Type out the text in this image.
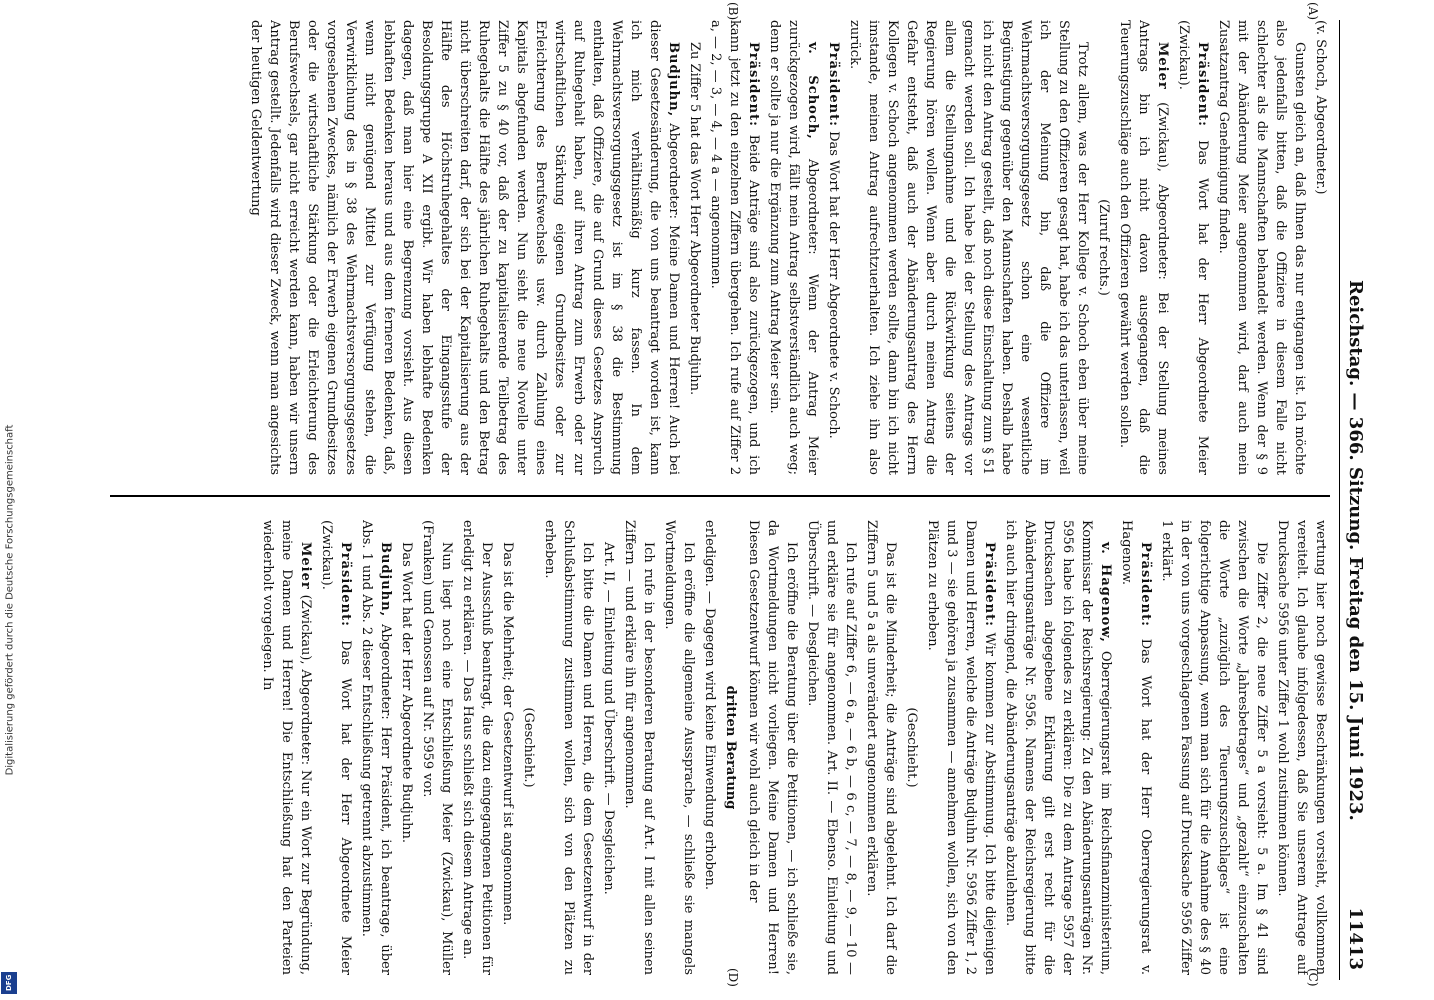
Digitalisierung gefördert durch die Deutsche Forschungsgemeinschaft
DFG
Reichstag. — 366. Sitzung. Freitag den 15. Juni 1923.
11413
(A)
(B)
(C)
(D)

(v. Schoch, Abgeordneter.)

Gunsten gleich an, daß Ihnen das nur entgangen ist. Ich möchte also jedenfalls bitten, daß die Offiziere in diesem Falle nicht schlechter als die Mannschaften behandelt werden. Wenn der § 9 mit der Abänderung Meier angenommen wird, darf auch mein Zusatzantrag Genehmigung finden.

Präsident: Das Wort hat der Herr Abgeordnete Meier (Zwickau).

Meier (Zwickau), Abgeordneter: Bei der Stellung meines Antrags bin ich nicht davon ausgegangen, daß die Teuerungszuschläge auch den Offizieren gewährt werden sollen.

(Zuruf rechts.)

Trotz allem, was der Herr Kollege v. Schoch eben über meine Stellung zu den Offizieren gesagt hat, habe ich das unterlassen, weil ich der Meinung bin, daß die Offiziere im Wehrmachtsversorgungsgesetz schon eine wesentliche Begünstigung gegenüber den Mannschaften haben. Deshalb habe ich nicht den Antrag gestellt, daß noch diese Einschaltung zum § 51 gemacht werden soll. Ich habe bei der Stellung des Antrags vor allem die Stellungnahme und die Rückwirkung seitens der Regierung hören wollen. Wenn aber durch meinen Antrag die Gefahr entsteht, daß auch der Abänderungsantrag des Herrn Kollegen v. Schoch angenommen werden sollte, dann bin ich nicht imstande, meinen Antrag aufrechtzuerhalten. Ich ziehe ihn also zurück.

Präsident: Das Wort hat der Herr Abgeordnete v. Schoch.

v. Schoch, Abgeordneter: Wenn der Antrag Meier zurückgezogen wird, fällt mein Antrag selbstverständlich auch weg; denn er sollte ja nur die Ergänzung zum Antrag Meier sein.

Präsident: Beide Anträge sind also zurückgezogen, und ich kann jetzt zu den einzelnen Ziffern übergehen. Ich rufe auf Ziffer 2 a, — 2, — 3, — 4, — 4 a — angenommen.

Zu Ziffer 5 hat das Wort Herr Abgeordneter Budjuhn.

Budjuhn, Abgeordneter: Meine Damen und Herren! Auch bei dieser Gesetzesänderung, die von uns beantragt worden ist, kann ich mich verhältnismäßig kurz fassen. In dem Wehrmachtsversorgungsgesetz ist im § 38 die Bestimmung enthalten, daß Offiziere, die auf Grund dieses Gesetzes Anspruch auf Ruhegehalt haben, auf ihren Antrag zum Erwerb oder zur wirtschaftlichen Stärkung eigenen Grundbesitzes oder zur Erleichterung des Berufswechsels usw. durch Zahlung eines Kapitals abgefunden werden. Nun sieht die neue Novelle unter Ziffer 5 zu § 40 vor, daß der zu kapitalisierende Teilbetrag des Ruhegehalts die Hälfte des jährlichen Ruhegehalts und den Betrag nicht überschreiten darf, der sich bei der Kapitalisierung aus der Hälfte des Höchstruhegehaltes der Eingangsstufe der Besoldungsgruppe A XII ergibt. Wir haben lebhafte Bedenken dagegen, daß man hier eine Begrenzung vorsieht. Aus diesen lebhaften Bedenken heraus und aus dem ferneren Bedenken, daß, wenn nicht genügend Mittel zur Verfügung stehen, die Verwirklichung des in § 38 des Wehrmachtsversorgungsgesetzes vorgesehenen Zweckes, nämlich der Erwerb eigenen Grundbesitzes oder die wirtschaftliche Stärkung oder die Erleichterung des Berufswechsels, gar nicht erreicht werden kann, haben wir unsern Antrag gestellt. Jedenfalls wird dieser Zweck, wenn man angesichts der heutigen Geldentwertung

wertung hier noch gewisse Beschränkungen vorsieht, vollkommen vereitelt. Ich glaube infolgedessen, daß Sie unserem Antrage auf Drucksache 5956 unter Ziffer 1 wohl zustimmen können.

Die Ziffer 2, die neue Ziffer 5 a vorsieht: 5 a. Im § 41 sind zwischen die Worte „Jahresbetrages“ und „gezahlt“ einzuschalten die Worte „zuzüglich des Teuerungszuschlages“ ist eine folgerichtige Anpassung, wenn man sich für die Annahme des § 40 in der von uns vorgeschlagenen Fassung auf Drucksache 5956 Ziffer 1 erklärt.

Präsident: Das Wort hat der Herr Oberregierungsrat v. Hagenow.

v. Hagenow, Oberregierungsrat im Reichsfinanzministerium, Kommissar der Reichsregierung: Zu den Abänderungsanträgen Nr. 5956 habe ich folgendes zu erklären: Die zu dem Antrage 5957 der Drucksachen abgegebene Erklärung gilt erst recht für die Abänderungsanträge Nr. 5956. Namens der Reichsregierung bitte ich auch hier dringend, die Abänderungsanträge abzulehnen.

Präsident: Wir kommen zur Abstimmung. Ich bitte diejenigen Damen und Herren, welche die Anträge Budjuhn Nr. 5956 Ziffer 1, 2 und 3 — sie gehören ja zusammen — annehmen wollen, sich von den Plätzen zu erheben.

(Geschieht.)

Das ist die Minderheit; die Anträge sind abgelehnt. Ich darf die Ziffern 5 und 5 a als unverändert angenommen erklären.

Ich rufe auf Ziffer 6, — 6 a, — 6 b, — 6 c, — 7, — 8, — 9, — 10 — und erkläre sie für angenommen. Art. II. — Ebenso. Einleitung und Überschrift. — Desgleichen.

Ich eröffne die Beratung über die Petitionen, — ich schließe sie, da Wortmeldungen nicht vorliegen. Meine Damen und Herren! Diesen Gesetzentwurf können wir wohl auch gleich in der

dritten Beratung

erledigen. — Dagegen wird keine Einwendung erhoben.

Ich eröffne die allgemeine Aussprache, — schließe sie mangels Wortmeldungen.

Ich rufe in der besonderen Beratung auf Art. I mit allen seinen Ziffern — und erkläre ihn für angenommen.

Art. II, — Einleitung und Überschrift. — Desgleichen.

Ich bitte die Damen und Herren, die dem Gesetzentwurf in der Schlußabstimmung zustimmen wollen, sich von den Plätzen zu erheben.

(Geschieht.)

Das ist die Mehrheit; der Gesetzentwurf ist angenommen.

Der Ausschuß beantragt, die dazu eingegangenen Petitionen für erledigt zu erklären. — Das Haus schließt sich diesem Antrage an.

Nun liegt noch eine Entschließung Meier (Zwickau), Müller (Franken) und Genossen auf Nr. 5959 vor.

Das Wort hat der Herr Abgeordnete Budjuhn.

Budjuhn, Abgeordneter: Herr Präsident, ich beantrage, über Abs. 1 und Abs. 2 dieser Entschließung getrennt abzustimmen.

Präsident: Das Wort hat der Herr Abgeordnete Meier (Zwickau).

Meier (Zwickau), Abgeordneter: Nur ein Wort zur Begründung, meine Damen und Herren! Die Entschließung hat den Parteien wiederholt vorgelegen. In
